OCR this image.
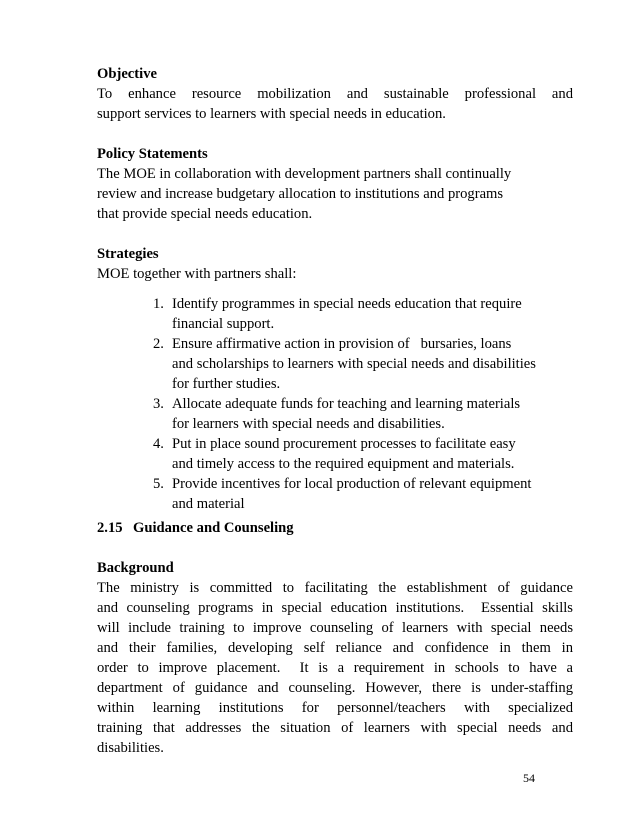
Objective
To enhance resource mobilization and sustainable professional and
support services to learners with special needs in education.
Policy Statements
The MOE in collaboration with development partners shall continually
review and increase budgetary allocation to institutions and programs
that provide special needs education.
Strategies
MOE together with partners shall:
1. Identify programmes in special needs education that require
financial support.
2. Ensure affirmative action in provision of   bursaries, loans
and scholarships to learners with special needs and disabilities
for further studies.
3. Allocate adequate funds for teaching and learning materials
for learners with special needs and disabilities.
4. Put in place sound procurement processes to facilitate easy
and timely access to the required equipment and materials.
5. Provide incentives for local production of relevant equipment
and material
2.15 Guidance and Counseling
Background
The ministry is committed to facilitating the establishment of guidance
and counseling programs in special education institutions.  Essential skills
will include training to improve counseling of learners with special needs
and their families, developing self reliance and confidence in them in
order to improve placement.  It is a requirement in schools to have a
department of guidance and counseling. However, there is under-staffing
within learning institutions for personnel/teachers with specialized
training that addresses the situation of learners with special needs and
disabilities.
54
